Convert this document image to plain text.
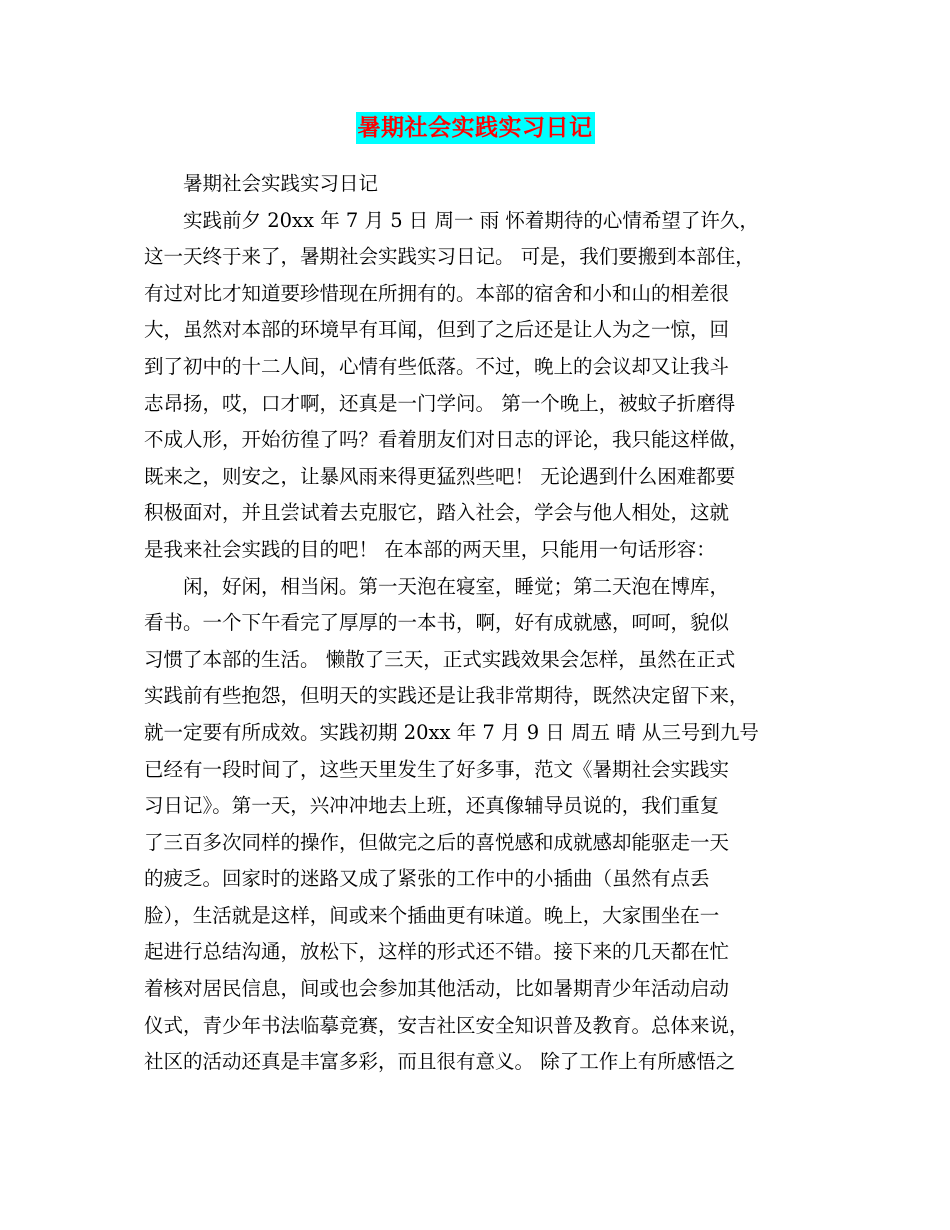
暑期社会实践实习日记
暑期社会实践实习日记
实践前夕 20xx 年 7 月 5 日 周一 雨 怀着期待的心情希望了许久，
这一天终于来了，暑期社会实践实习日记。 可是，我们要搬到本部住，
有过对比才知道要珍惜现在所拥有的。本部的宿舍和小和山的相差很
大，虽然对本部的环境早有耳闻，但到了之后还是让人为之一惊，回
到了初中的十二人间，心情有些低落。不过，晚上的会议却又让我斗
志昂扬，哎，口才啊，还真是一门学问。 第一个晚上，被蚊子折磨得
不成人形，开始彷徨了吗？看着朋友们对日志的评论，我只能这样做，
既来之，则安之，让暴风雨来得更猛烈些吧！ 无论遇到什么困难都要
积极面对，并且尝试着去克服它，踏入社会，学会与他人相处，这就
是我来社会实践的目的吧！ 在本部的两天里，只能用一句话形容：
闲，好闲，相当闲。第一天泡在寝室，睡觉；第二天泡在博库，
看书。一个下午看完了厚厚的一本书，啊，好有成就感，呵呵，貌似
习惯了本部的生活。 懒散了三天，正式实践效果会怎样，虽然在正式
实践前有些抱怨，但明天的实践还是让我非常期待，既然决定留下来，
就一定要有所成效。实践初期 20xx 年 7 月 9 日 周五 晴 从三号到九号
已经有一段时间了，这些天里发生了好多事，范文《暑期社会实践实
习日记》。第一天，兴冲冲地去上班，还真像辅导员说的，我们重复
了三百多次同样的操作，但做完之后的喜悦感和成就感却能驱走一天
的疲乏。回家时的迷路又成了紧张的工作中的小插曲（虽然有点丢
脸），生活就是这样，间或来个插曲更有味道。晚上，大家围坐在一
起进行总结沟通，放松下，这样的形式还不错。接下来的几天都在忙
着核对居民信息，间或也会参加其他活动，比如暑期青少年活动启动
仪式，青少年书法临摹竞赛，安吉社区安全知识普及教育。总体来说，
社区的活动还真是丰富多彩，而且很有意义。 除了工作上有所感悟之
